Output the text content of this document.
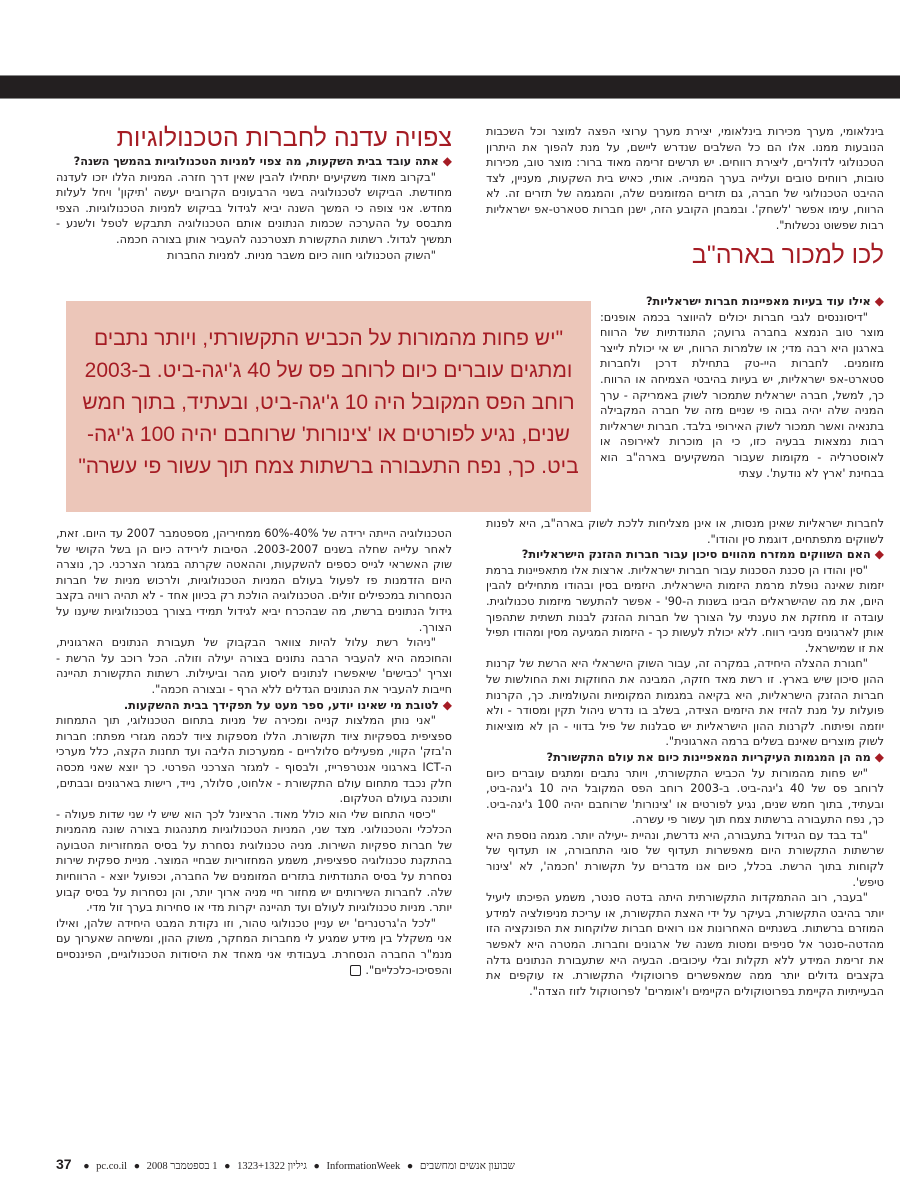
בינלאומי, מערך מכירות בינלאומי, יצירת מערך ערוצי הפצה למוצר וכל השכבות הנובעות ממנו. אלו הם כל השלבים שנדרש ליישם, על מנת להפוך את היתרון הטכנולוגי לדולרים, ליצירת רווחים. יש תרשים זרימה מאוד ברור: מוצר טוב, מכירות טובות, רווחים טובים ועלייה בערך המנייה. אותי, כאיש בית השקעות, מעניין, לצד ההיבט הטכנולוגי של חברה, גם תזרים המזומנים שלה, והמגמה של תזרים זה. לא הרווח, עימו אפשר 'לשחק'. ובמבחן הקובע הזה, ישנן חברות סטארט-אפ ישראליות רבות שפשוט נכשלות".

לכו למכור בארה"ב
צפויה עדנה לחברות הטכנולוגיות

◆אתה עובד בבית השקעות, מה צפוי למניות הטכנולוגיות בהמשך השנה?

"בקרוב מאוד משקיעים יתחילו להבין שאין דרך חזרה. המניות הללו יזכו לעדנה מחודשת. הביקוש לטכנולוגיה בשני הרבעונים הקרובים יעשה 'תיקון' ויחל לעלות מחדש. אני צופה כי המשך השנה יביא לגידול בביקוש למניות הטכנולוגיות. הצפי מתבסס על ההערכה שכמות הנתונים אותם הטכנולוגיה תתבקש לטפל ולשנע - תמשיך לגדול. רשתות התקשורת תצטרכנה להעביר אותן בצורה חכמה.

"השוק הטכנולוגי חווה כיום משבר מניות. למניות החברות

"יש פחות מהמורות על הכביש התקשורתי, ויותר נתבים
ומתגים עוברים כיום לרוחב פס של 40 ג'יגה-ביט. ב-2003
רוחב הפס המקובל היה 10 ג'יגה-ביט, ובעתיד, בתוך חמש
שנים, נגיע לפורטים או 'צינורות' שרוחבם יהיה 100 ג'יגה-
ביט. כך, נפח התעבורה ברשתות צמח תוך עשור פי עשרה"

◆אילו עוד בעיות מאפיינות חברות ישראליות?

"דיסוננסים לגבי חברות יכולים להיווצר בכמה אופנים: מוצר טוב הנמצא בחברה גרועה; התנודתיות של הרווח בארגון היא רבה מדי; או שלמרות הרווח, יש אי יכולת לייצר מזומנים. לחברות היי-טק בתחילת דרכן ולחברות סטארט-אפ ישראליות, יש בעיות בהיבטי הצמיחה או הרווח. כך, למשל, חברה ישראלית שתמכור לשוק באמריקה - ערך המניה שלה יהיה גבוה פי שניים מזה של חברה המקבילה בתנאיה ואשר תמכור לשוק האירופי בלבד. חברות ישראליות רבות נמצאות בבעיה כזו, כי הן מוכרות לאירופה או לאוסטרליה - מקומות שעבור המשקיעים בארה"ב הוא בבחינת 'ארץ לא נודעת'. עצתי

לחברות ישראליות שאינן מנסות, או אינן מצליחות ללכת לשוק בארה"ב, היא לפנות לשווקים מתפתחים, דוגמת סין והודו".

◆האם השווקים ממזרח מהווים סיכון עבור חברות ההזנק הישראליות?

"סין והודו הן סכנת הסכנות עבור חברות ישראליות. ארצות אלו מתאפיינות ברמת יזמות שאינה נופלת מרמת היזמות הישראלית. היזמים בסין ובהודו מתחילים להבין היום, את מה שהישראלים הבינו בשנות ה-90' - אפשר להתעשר מיזמות טכנולוגית. עובדה זו מחזקת את טענתי על הצורך של חברות ההזנק לבנות תשתית שתהפוך אותן לארגונים מניבי רווח. ללא יכולת לעשות כך - היזמות המגיעה מסין ומהודו תפיל את זו שמישראל.

"חגורת ההצלה היחידה, במקרה זה, עבור השוק הישראלי היא הרשת של קרנות ההון סיכון שיש בארץ. זו רשת מאד חזקה, המבינה את החוזקות ואת החולשות של חברות ההזנק הישראליות, היא בקיאה במגמות המקומיות והעולמיות. כך, הקרנות פועלות על מנת להזיז את היזמים הצידה, בשלב בו נדרש ניהול תקין ומסודר - ולא יוזמה ופיתוח. לקרנות ההון הישראליות יש סבלנות של פיל בדווי - הן לא מוציאות לשוק מוצרים שאינם בשלים ברמה הארגונית".

◆מה הן המגמות העיקריות המאפיינות כיום את עולם התקשורת?

"יש פחות מהמורות על הכביש התקשורתי, ויותר נתבים ומתגים עוברים כיום לרוחב פס של 40 ג'יגה-ביט. ב-2003 רוחב הפס המקובל היה 10 ג'יגה-ביט, ובעתיד, בתוך חמש שנים, נגיע לפורטים או 'צינורות' שרוחבם יהיה 100 ג'יגה-ביט. כך, נפח התעבורה ברשתות צמח תוך עשור פי עשרה.

"בד בבד עם הגידול בתעבורה, היא נדרשת, ונהיית -יעילה יותר. מגמה נוספת היא שרשתות התקשורת היום מאפשרות תעדוף של סוגי התחבורה, או תעדוף של לקוחות בתוך הרשת. בכלל, כיום אנו מדברים על תקשורת 'חכמה', לא 'צינור טיפש'.

"בעבר, רוב ההתמקדות התקשורתית היתה בדטה סנטר, משמע הפיכתו ליעיל יותר בהיבט התקשורת, בעיקר על ידי האצת התקשורת, או עריכת מניפולציה למידע המוזרם ברשתות. בשנתיים האחרונות אנו רואים חברות שלוקחות את הפונקציה הזו מהדטה-סנטר אל סניפים ומטות משנה של ארגונים וחברות. המטרה היא לאפשר את זרימת המידע ללא תקלות ובלי עיכובים. הבעיה היא שתעבורת הנתונים גדלה בקצבים גדולים יותר ממה שמאפשרים פרוטוקולי התקשורת. אז עוקפים את הבעייתיות הקיימת בפרוטוקולים הקיימים ו'אומרים' לפרוטוקול לזוז הצדה".

הטכנולוגיה הייתה ירידה של 40%-60% ממחיריהן, מספטמבר 2007 עד היום. זאת, לאחר עלייה שחלה בשנים 2003-2007. הסיבות לירידה כיום הן בשל הקושי של שוק האשראי לגייס כספים להשקעות, וההאטה שקרתה במגזר הצרכני. כך, נוצרה היום הזדמנות פז לפעול בעולם המניות הטכנולוגיות, ולרכוש מניות של חברות הנסחרות במכפילים זולים. הטכנולוגיה הולכת רק בכיוון אחד - לא תהיה רוויה בקצב גידול הנתונים ברשת, מה שבהכרח יביא לגידול תמידי בצורך בטכנולוגיות שיענו על הצורך.

"ניהול רשת עלול להיות צוואר הבקבוק של תעבורת הנתונים הארגונית, והחוכמה היא להעביר הרבה נתונים בצורה יעילה וזולה. הכל רוכב על הרשת - וצריך 'כבישים' שיאפשרו לנתונים ליסוע מהר וביעילות. רשתות התקשורת תהיינה חייבות להעביר את הנתונים הגדלים ללא הרף - ובצורה חכמה".

◆לטובת מי שאינו יודע, ספר מעט על תפקידך בבית ההשקעות.

"אני נותן המלצות קנייה ומכירה של מניות בתחום הטכנולוגי, תוך התמחות ספציפית בספקיות ציוד תקשורת. הללו מספקות ציוד לכמה מגזרי מפתח: חברות ה'בזק' הקווי, מפעילים סלולריים - ממערכות הליבה ועד תחנות הקצה, כלל מערכי ה-ICT בארגוני אנטרפרייז, ולבסוף - למגזר הצרכני הפרטי. כך יוצא שאני מכסה חלק נכבד מתחום עולם התקשורת - אלחוט, סלולר, נייד, רישות בארגונים ובבתים, ותוכנה בעולם הטלקום.

"כיסוי התחום שלי הוא כולל מאוד. הרציונל לכך הוא שיש לי שני שדות פעולה - הכלכלי והטכנולוגי. מצד שני, המניות הטכנולוגיות מתנהגות בצורה שונה מהמניות של חברות ספקיות השירות. מניה טכנולוגית נסחרת על בסיס המחזוריות הטבועה בהתקנת טכנולוגיה ספציפית, משמע המחזוריות שבחיי המוצר. מניית ספקית שירות נסחרת על בסיס התנודתיות בתזרים המזומנים של החברה, וכפועל יוצא - הרווחיות שלה. לחברות השירותים יש מחזור חיי מניה ארוך יותר, והן נסחרות על בסיס קבוע יותר. מניות טכנולוגיות לעולם ועד תהיינה יקרות מדי או סחירות בערך זול מדי.

"לכל ה'גרטנרים' יש עניין טכנולוגי טהור, וזו נקודת המבט היחידה שלהן, ואילו אני משקלל בין מידע שמגיע לי מחברות המחקר, משוק ההון, ומשיחה שאערוך עם מנמ"ר החברה הנסחרת. בעבודתי אני מאחד את היסודות הטכנולוגיים, הפיננסיים והפסיכו-כלכליים".

37 ● pc.co.il ● 1 בספטמבר 2008 ● גיליון 1323+1322 ● InformationWeek ● שבועון אנשים ומחשבים
